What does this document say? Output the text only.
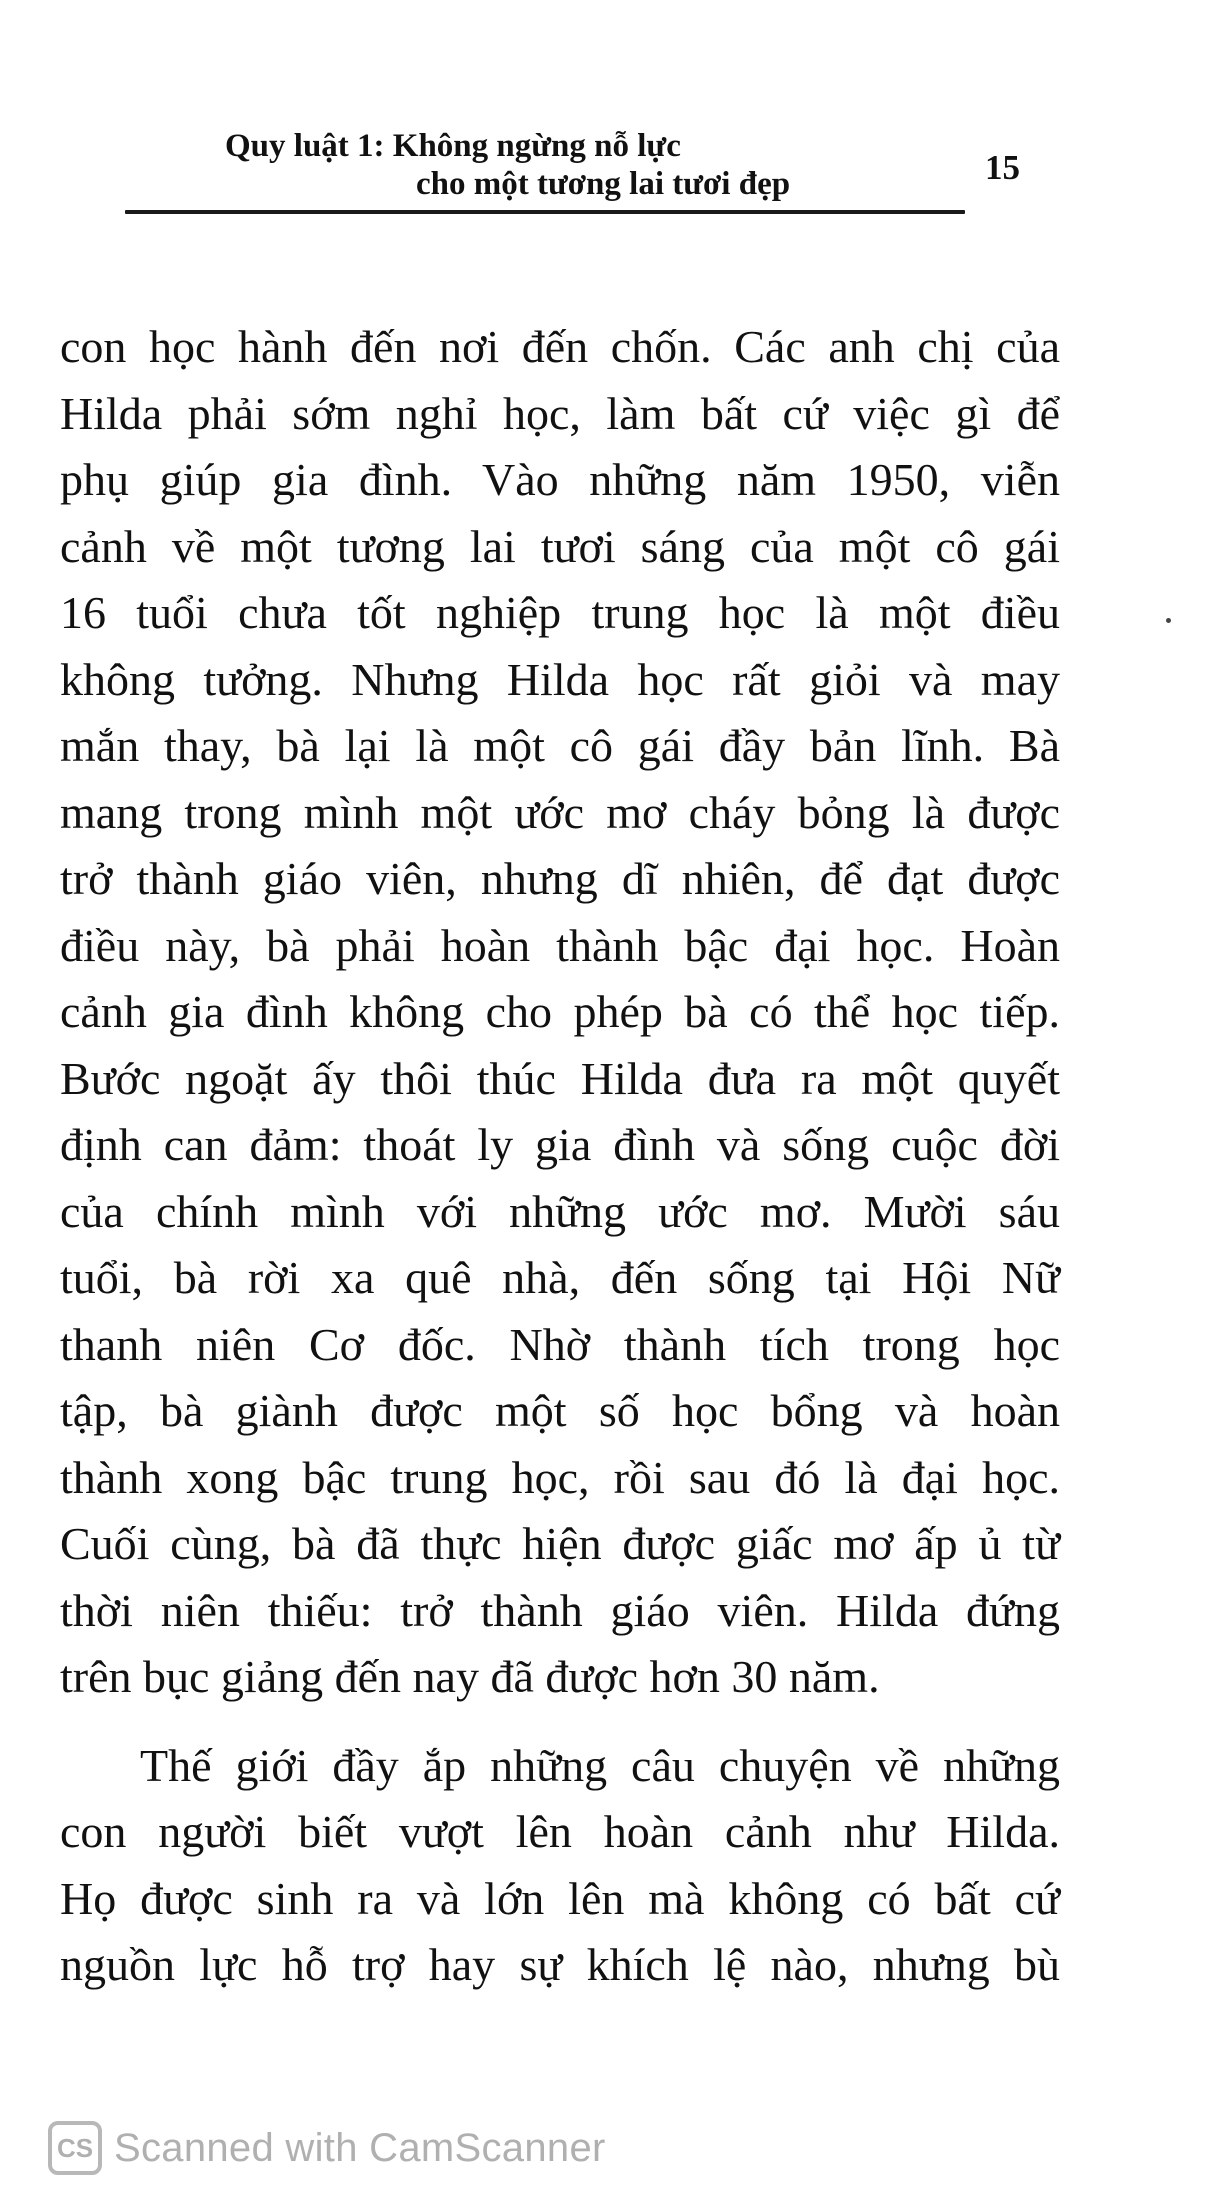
Quy luật 1: Không ngừng nỗ lực
cho một tương lai tươi đẹp	15
con học hành đến nơi đến chốn. Các anh chị của
Hilda phải sớm nghỉ học, làm bất cứ việc gì để
phụ giúp gia đình. Vào những năm 1950, viễn
cảnh về một tương lai tươi sáng của một cô gái
16 tuổi chưa tốt nghiệp trung học là một điều
không tưởng. Nhưng Hilda học rất giỏi và may
mắn thay, bà lại là một cô gái đầy bản lĩnh. Bà
mang trong mình một ước mơ cháy bỏng là được
trở thành giáo viên, nhưng dĩ nhiên, để đạt được
điều này, bà phải hoàn thành bậc đại học. Hoàn
cảnh gia đình không cho phép bà có thể học tiếp.
Bước ngoặt ấy thôi thúc Hilda đưa ra một quyết
định can đảm: thoát ly gia đình và sống cuộc đời
của chính mình với những ước mơ. Mười sáu
tuổi, bà rời xa quê nhà, đến sống tại Hội Nữ
thanh niên Cơ đốc. Nhờ thành tích trong học
tập, bà giành được một số học bổng và hoàn
thành xong bậc trung học, rồi sau đó là đại học.
Cuối cùng, bà đã thực hiện được giấc mơ ấp ủ từ
thời niên thiếu: trở thành giáo viên. Hilda đứng
trên bục giảng đến nay đã được hơn 30 năm.
Thế giới đầy ắp những câu chuyện về những
con người biết vượt lên hoàn cảnh như Hilda.
Họ được sinh ra và lớn lên mà không có bất cứ
nguồn lực hỗ trợ hay sự khích lệ nào, nhưng bù
CS Scanned with CamScanner
